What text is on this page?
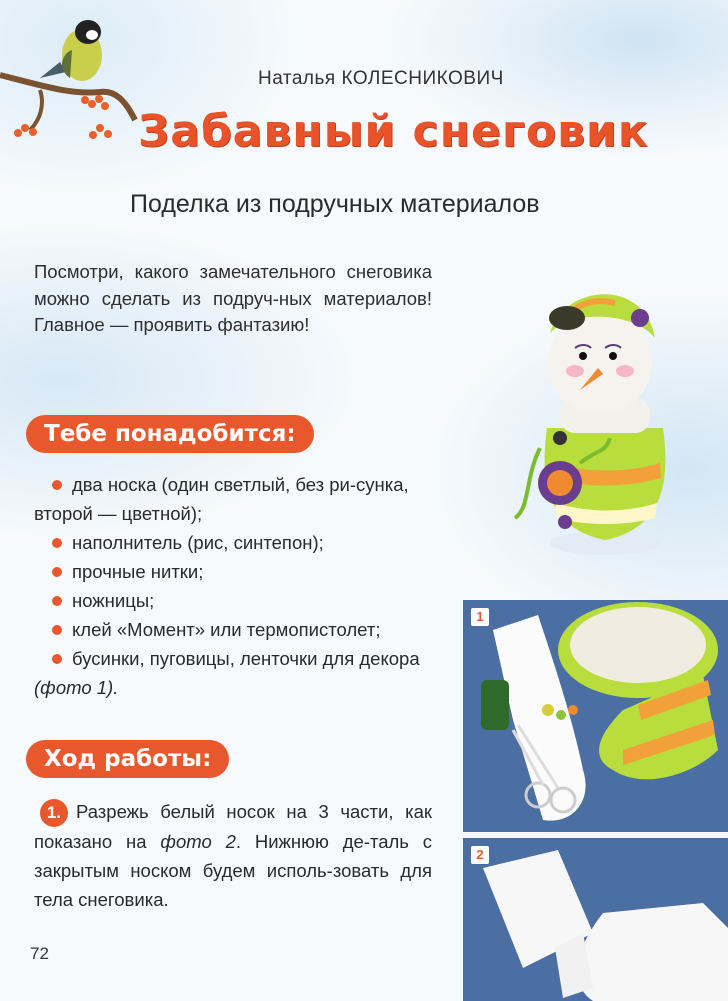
Наталья КОЛЕСНИКОВИЧ
Забавный снеговик
Поделка из подручных материалов
Посмотри, какого замечательного снеговика можно сделать из подруч-ных материалов! Главное — проявить фантазию!
Тебе понадобится:
два носка (один светлый, без ри-сунка, второй — цветной);
наполнитель (рис, синтепон);
прочные нитки;
ножницы;
клей «Момент» или термопистолет;
бусинки, пуговицы, ленточки для декора (фото 1).
Ход работы:
1. Разрежь белый носок на 3 части, как показано на фото 2. Нижнюю де-таль с закрытым носком будем исполь-зовать для тела снеговика.
1
2
72
